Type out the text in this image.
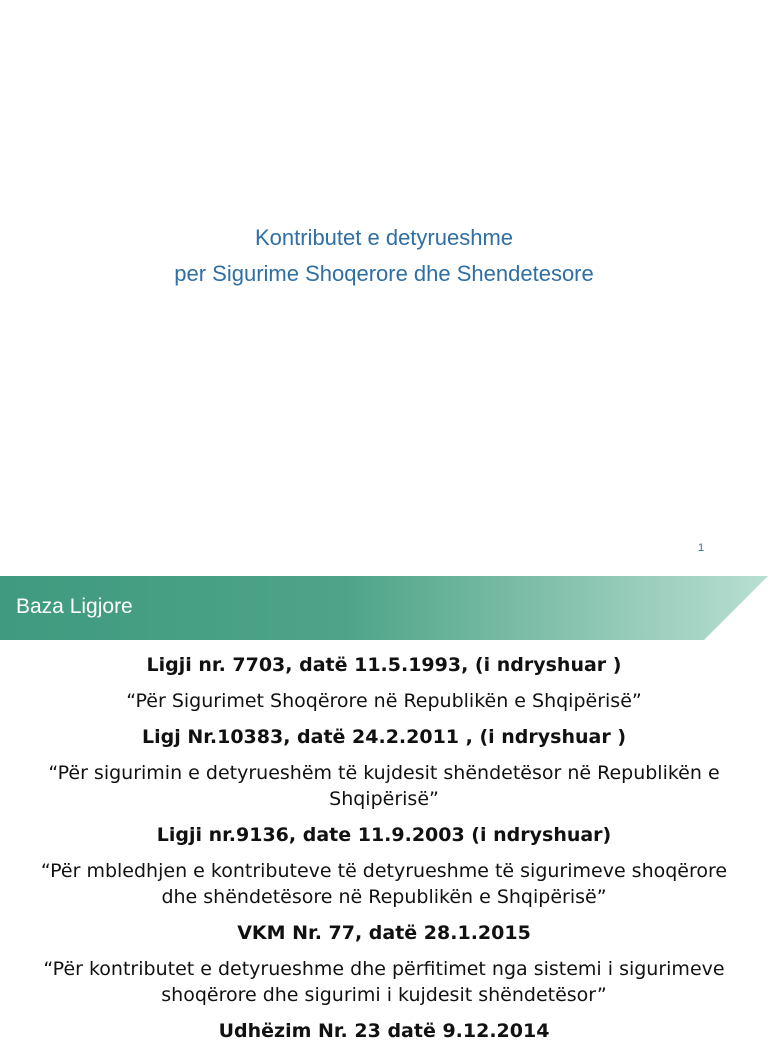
Kontributet e detyrueshme
per Sigurime Shoqerore dhe Shendetesore
1
Baza Ligjore
Ligji nr. 7703, datë 11.5.1993, (i ndryshuar )
“Për Sigurimet Shoqërore në Republikën e Shqipërisë”
Ligj Nr.10383, datë 24.2.2011 , (i ndryshuar )
“Për sigurimin e detyrueshëm të kujdesit shëndetësor në Republikën e Shqipërisë”
Ligji nr.9136, date 11.9.2003 (i ndryshuar)
“Për mbledhjen e kontributeve të detyrueshme të sigurimeve shoqërore dhe shëndetësore në Republikën e Shqipërisë”
VKM Nr. 77, datë 28.1.2015
“Për kontributet e detyrueshme dhe përfitimet nga sistemi i sigurimeve shoqërore dhe sigurimi i kujdesit shëndetësor”
Udhëzim Nr. 23 datë 9.12.2014
